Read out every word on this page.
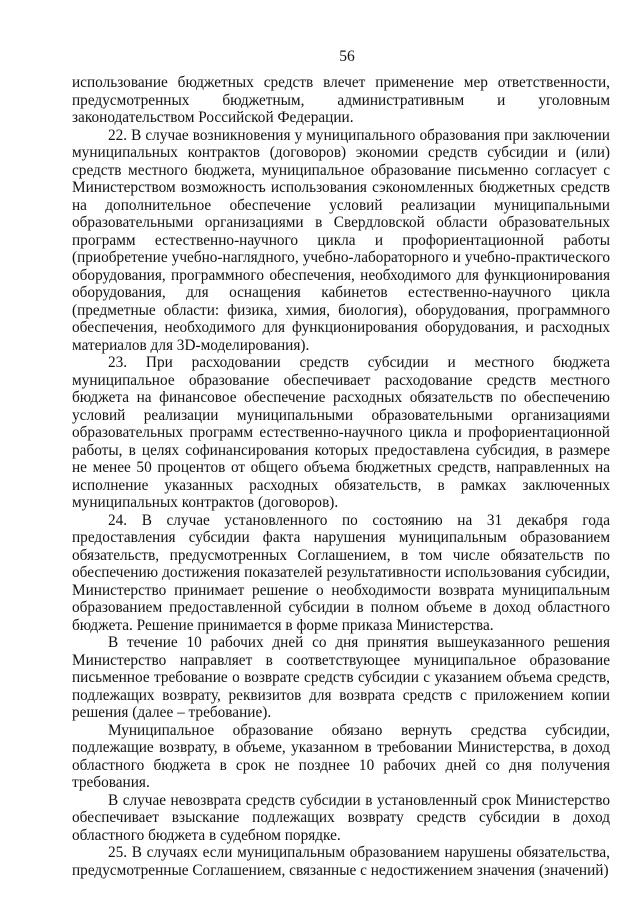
56

использование бюджетных средств влечет применение мер ответственности, предусмотренных бюджетным, административным и уголовным законодательством Российской Федерации.

22. В случае возникновения у муниципального образования при заключении муниципальных контрактов (договоров) экономии средств субсидии и (или) средств местного бюджета, муниципальное образование письменно согласует с Министерством возможность использования сэкономленных бюджетных средств на дополнительное обеспечение условий реализации муниципальными образовательными организациями в Свердловской области образовательных программ естественно-научного цикла и профориентационной работы (приобретение учебно-наглядного, учебно-лабораторного и учебно-практического оборудования, программного обеспечения, необходимого для функционирования оборудования, для оснащения кабинетов естественно-научного цикла (предметные области: физика, химия, биология), оборудования, программного обеспечения, необходимого для функционирования оборудования, и расходных материалов для 3D-моделирования).

23. При расходовании средств субсидии и местного бюджета муниципальное образование обеспечивает расходование средств местного бюджета на финансовое обеспечение расходных обязательств по обеспечению условий реализации муниципальными образовательными организациями образовательных программ естественно-научного цикла и профориентационной работы, в целях софинансирования которых предоставлена субсидия, в размере не менее 50 процентов от общего объема бюджетных средств, направленных на исполнение указанных расходных обязательств, в рамках заключенных муниципальных контрактов (договоров).

24. В случае установленного по состоянию на 31 декабря года предоставления субсидии факта нарушения муниципальным образованием обязательств, предусмотренных Соглашением, в том числе обязательств по обеспечению достижения показателей результативности использования субсидии, Министерство принимает решение о необходимости возврата муниципальным образованием предоставленной субсидии в полном объеме в доход областного бюджета. Решение принимается в форме приказа Министерства.

В течение 10 рабочих дней со дня принятия вышеуказанного решения Министерство направляет в соответствующее муниципальное образование письменное требование о возврате средств субсидии с указанием объема средств, подлежащих возврату, реквизитов для возврата средств с приложением копии решения (далее – требование).

Муниципальное образование обязано вернуть средства субсидии, подлежащие возврату, в объеме, указанном в требовании Министерства, в доход областного бюджета в срок не позднее 10 рабочих дней со дня получения требования.

В случае невозврата средств субсидии в установленный срок Министерство обеспечивает взыскание подлежащих возврату средств субсидии в доход областного бюджета в судебном порядке.

25. В случаях если муниципальным образованием нарушены обязательства, предусмотренные Соглашением, связанные с недостижением значения (значений)
